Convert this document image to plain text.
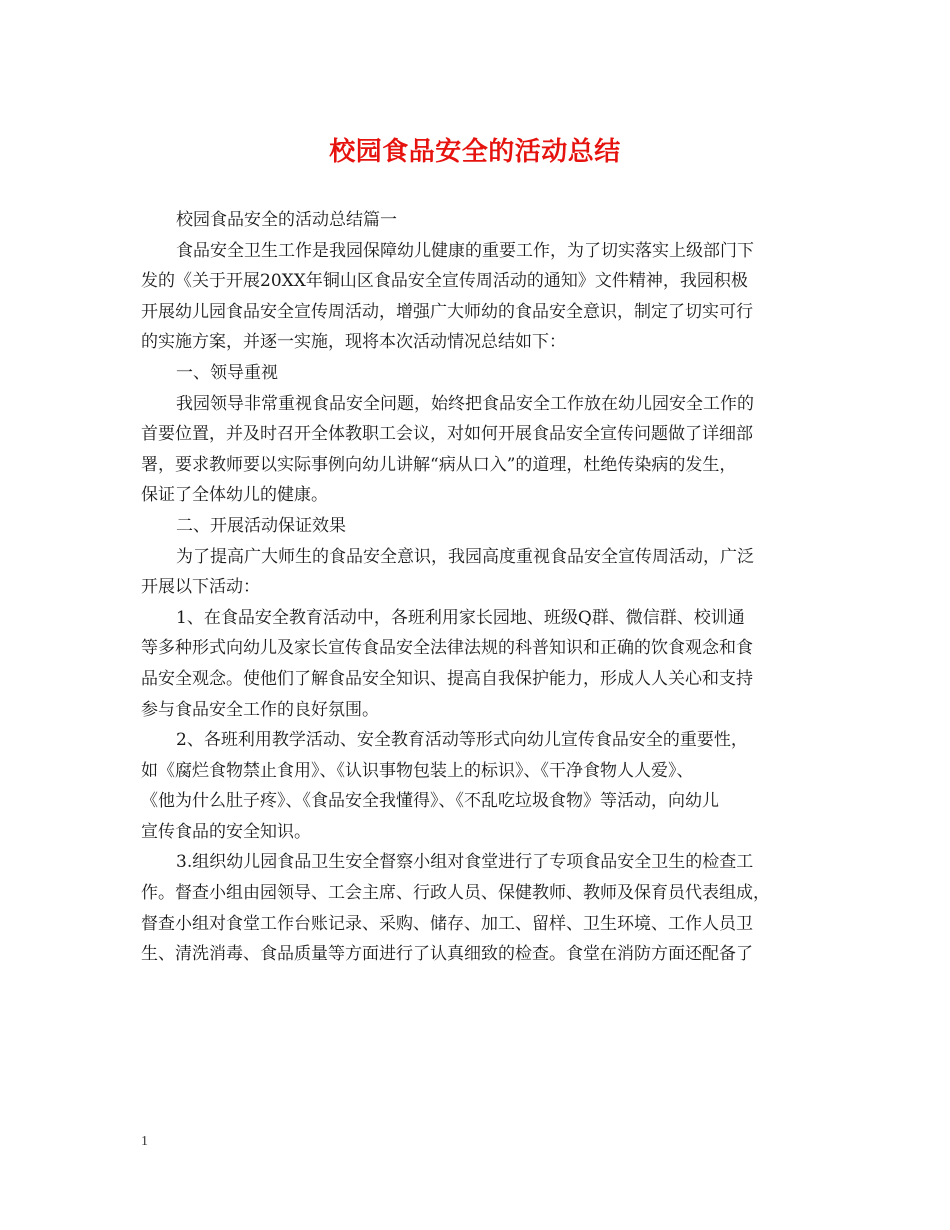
校园食品安全的活动总结
校园食品安全的活动总结篇一
食品安全卫生工作是我园保障幼儿健康的重要工作，为了切实落实上级部门下
发的《关于开展20XX年铜山区食品安全宣传周活动的通知》文件精神，我园积极
开展幼儿园食品安全宣传周活动，增强广大师幼的食品安全意识，制定了切实可行
的实施方案，并逐一实施，现将本次活动情况总结如下：
一、领导重视
我园领导非常重视食品安全问题，始终把食品安全工作放在幼儿园安全工作的
首要位置，并及时召开全体教职工会议，对如何开展食品安全宣传问题做了详细部
署，要求教师要以实际事例向幼儿讲解“病从口入”的道理，杜绝传染病的发生，
保证了全体幼儿的健康。
二、开展活动保证效果
为了提高广大师生的食品安全意识，我园高度重视食品安全宣传周活动，广泛
开展以下活动：
1、在食品安全教育活动中，各班利用家长园地、班级Q群、微信群、校训通
等多种形式向幼儿及家长宣传食品安全法律法规的科普知识和正确的饮食观念和食
品安全观念。使他们了解食品安全知识、提高自我保护能力，形成人人关心和支持
参与食品安全工作的良好氛围。
2、各班利用教学活动、安全教育活动等形式向幼儿宣传食品安全的重要性，
如《腐烂食物禁止食用》、《认识事物包装上的标识》、《干净食物人人爱》、
《他为什么肚子疼》、《食品安全我懂得》、《不乱吃垃圾食物》等活动，向幼儿
宣传食品的安全知识。
3.组织幼儿园食品卫生安全督察小组对食堂进行了专项食品安全卫生的检查工
作。督查小组由园领导、工会主席、行政人员、保健教师、教师及保育员代表组成，
督查小组对食堂工作台账记录、采购、储存、加工、留样、卫生环境、工作人员卫
生、清洗消毒、食品质量等方面进行了认真细致的检查。食堂在消防方面还配备了
1
